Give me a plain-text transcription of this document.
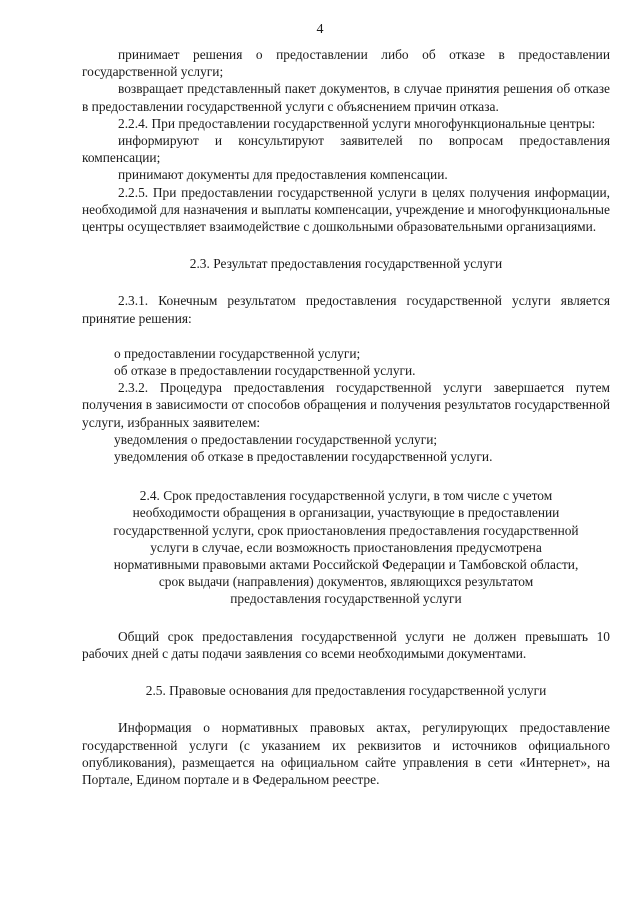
4

принимает решения о предоставлении либо об отказе в предоставлении государственной услуги;

возвращает представленный пакет документов, в случае принятия решения об отказе в предоставлении государственной услуги с объяснением причин отказа.

2.2.4. При предоставлении государственной услуги многофункциональные центры:

информируют и консультируют заявителей по вопросам предоставления компенсации;

принимают документы для предоставления компенсации.

2.2.5. При предоставлении государственной услуги в целях получения информации, необходимой для назначения и выплаты компенсации, учреждение и многофункциональные центры осуществляет взаимодействие с дошкольными образовательными организациями.

2.3. Результат предоставления государственной услуги

2.3.1. Конечным результатом предоставления государственной услуги является принятие решения:

о предоставлении государственной услуги;

об отказе в предоставлении государственной услуги.

2.3.2. Процедура предоставления государственной услуги завершается путем получения в зависимости от способов обращения и получения результатов государственной услуги, избранных заявителем:

уведомления о предоставлении государственной услуги;

уведомления об отказе в предоставлении государственной услуги.

2.4. Срок предоставления государственной услуги, в том числе с учетом

необходимости обращения в организации, участвующие в предоставлении

государственной услуги, срок приостановления предоставления государственной

услуги в случае, если возможность приостановления предусмотрена

нормативными правовыми актами Российской Федерации и Тамбовской области,

срок выдачи (направления) документов, являющихся результатом

предоставления государственной услуги

Общий срок предоставления государственной услуги не должен превышать 10 рабочих дней с даты подачи заявления со всеми необходимыми документами.

2.5. Правовые основания для предоставления государственной услуги

Информация о нормативных правовых актах, регулирующих предоставление государственной услуги (с указанием их реквизитов и источников официального опубликования), размещается на официальном сайте управления в сети «Интернет», на Портале, Едином портале и в Федеральном реестре.
